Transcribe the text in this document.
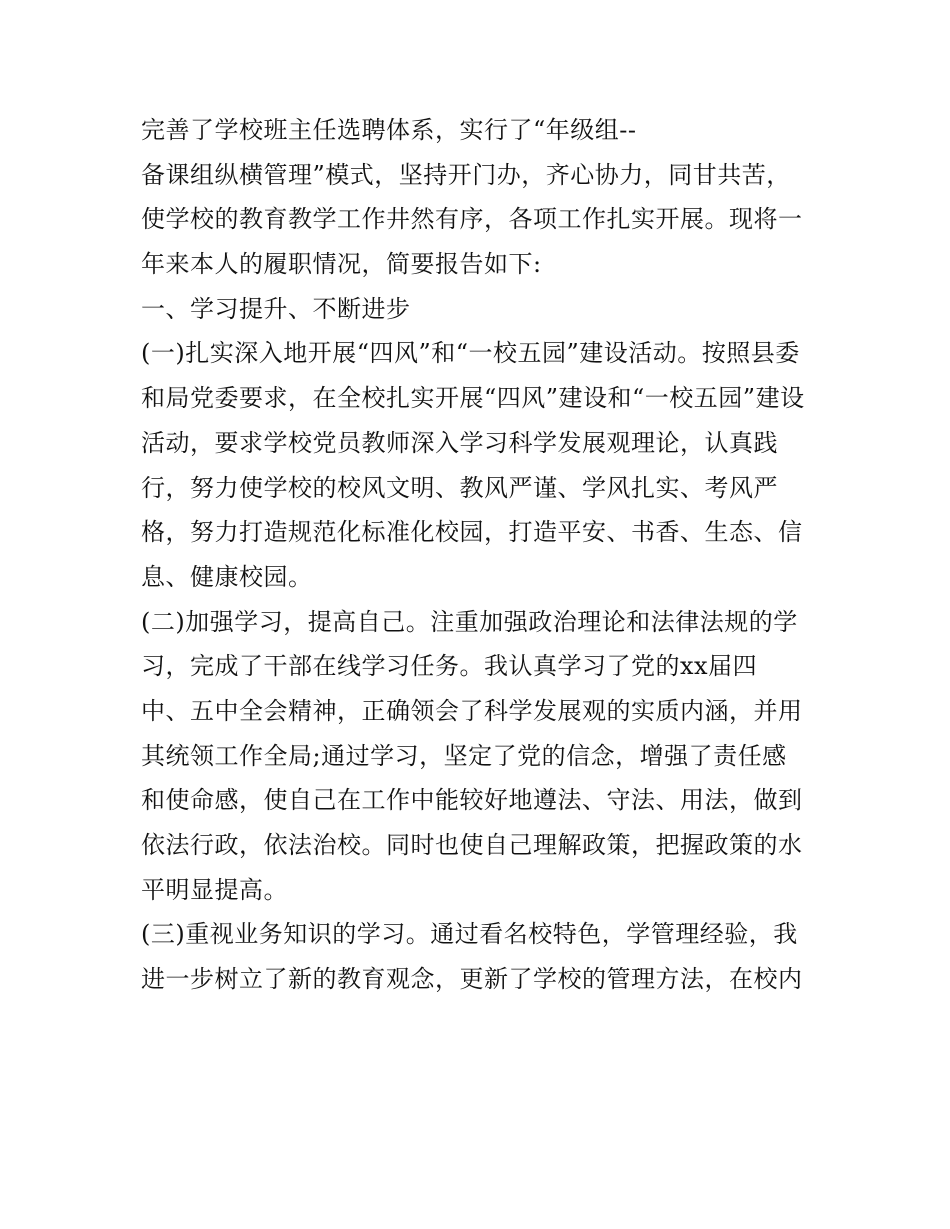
完善了学校班主任选聘体系，实行了“年级组--
备课组纵横管理”模式，坚持开门办，齐心协力，同甘共苦，
使学校的教育教学工作井然有序，各项工作扎实开展。现将一
年来本人的履职情况，简要报告如下:
一、学习提升、不断进步
(一)扎实深入地开展“四风”和“一校五园”建设活动。按照县委
和局党委要求，在全校扎实开展“四风”建设和“一校五园”建设
活动，要求学校党员教师深入学习科学发展观理论，认真践
行，努力使学校的校风文明、教风严谨、学风扎实、考风严
格，努力打造规范化标准化校园，打造平安、书香、生态、信
息、健康校园。
(二)加强学习，提高自己。注重加强政治理论和法律法规的学
习，完成了干部在线学习任务。我认真学习了党的xx届四
中、五中全会精神，正确领会了科学发展观的实质内涵，并用
其统领工作全局;通过学习，坚定了党的信念，增强了责任感
和使命感，使自己在工作中能较好地遵法、守法、用法，做到
依法行政，依法治校。同时也使自己理解政策，把握政策的水
平明显提高。
(三)重视业务知识的学习。通过看名校特色，学管理经验，我
进一步树立了新的教育观念，更新了学校的管理方法，在校内
